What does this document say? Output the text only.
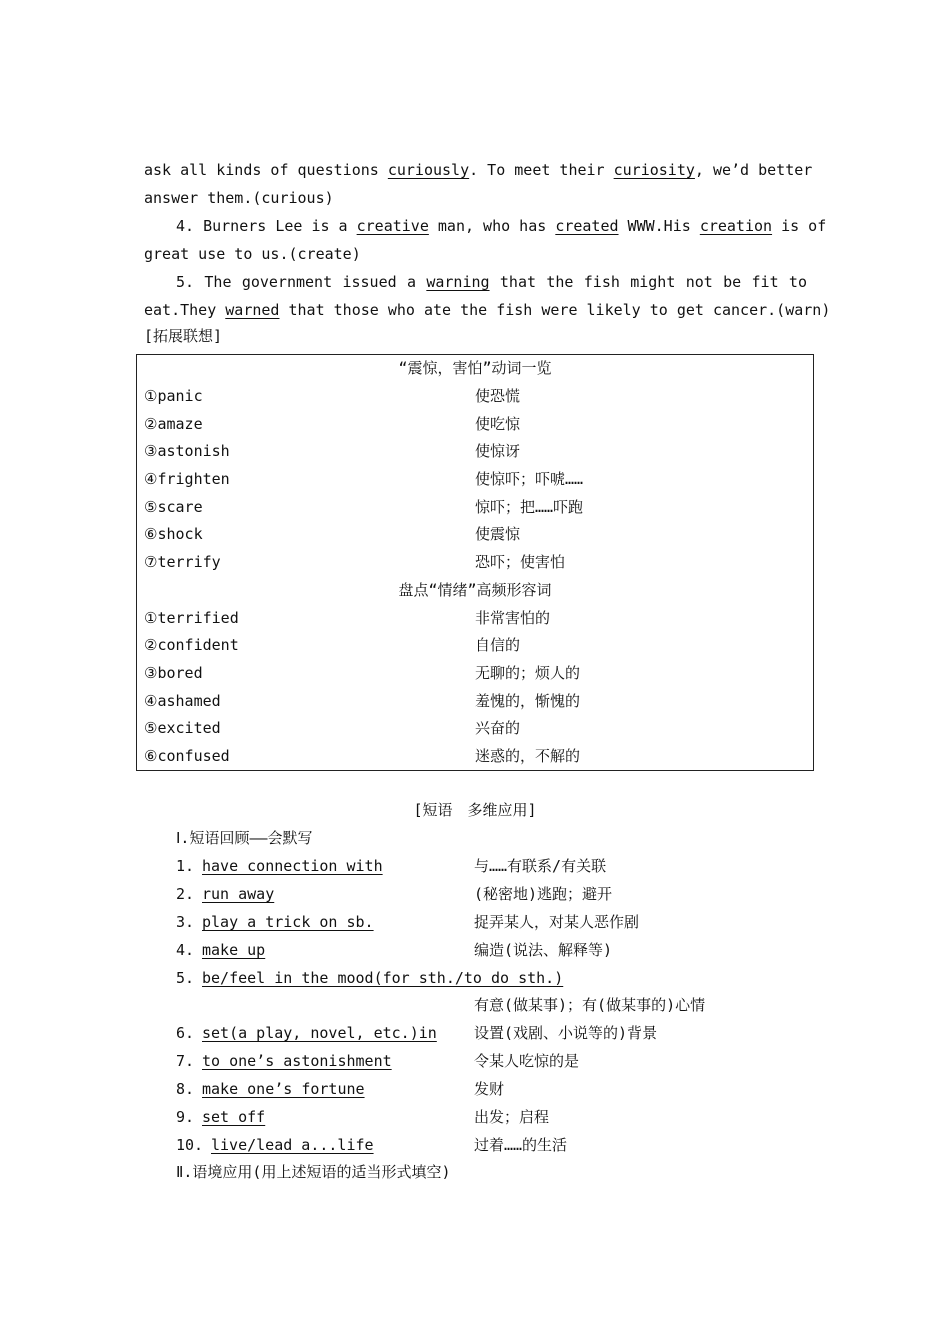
ask all kinds of questions curiously. To meet their curiosity, we’d better

answer them.(curious)

4. Burners Lee is a creative man, who has created WWW.His creation is of

great use to us.(create)

5. The government issued a warning that the fish might not be fit to

eat.They warned that those who ate the fish were likely to get cancer.(warn)

[拓展联想]
“震惊，害怕”动词一览	
①panic	使恐慌
②amaze	使吃惊
③astonish	使惊讶
④frighten	使惊吓；吓唬……
⑤scare	惊吓；把……吓跑
⑥shock	使震惊
⑦terrify	恐吓；使害怕
盘点“情绪”高频形容词	
①terrified	非常害怕的
②confident	自信的
③bored	无聊的；烦人的
④ashamed	羞愧的，惭愧的
⑤excited	兴奋的
⑥confused	迷惑的，不解的
[短语　多维应用]
Ⅰ.短语回顾——会默写
1. have connection with	与……有联系/有关联
2. run away	(秘密地)逃跑；避开
3. play a trick on sb.	捉弄某人，对某人恶作剧
4. make up	编造(说法、解释等)
5. be/feel in the mood(for sth./to do sth.)
有意(做某事)；有(做某事的)心情
6. set(a play, novel, etc.)in 设置(戏剧、小说等的)背景
7. to one’s astonishment	令某人吃惊的是
8. make one’s fortune	发财
9. set off	出发；启程
10. live/lead a...life	过着……的生活
Ⅱ.语境应用(用上述短语的适当形式填空)
